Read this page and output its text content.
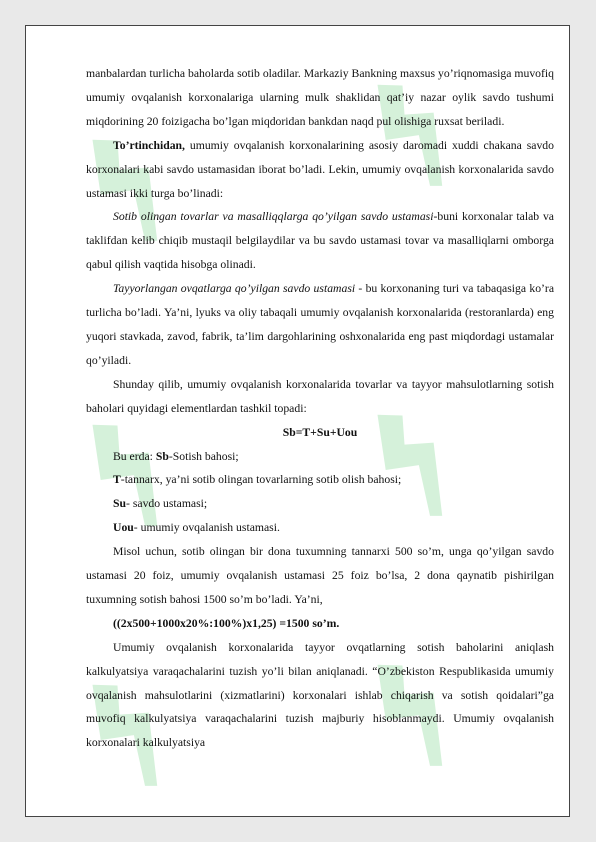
manbalardan turlicha baholarda sotib oladilar. Markaziy Bankning maxsus yo’riqnomasiga muvofiq umumiy ovqalanish korxonalariga ularning mulk shaklidan qat’iy nazar oylik savdo tushumi miqdorining 20 foizigacha bo’lgan miqdoridan bankdan naqd pul olishiga ruxsat beriladi.

To’rtinchidan, umumiy ovqalanish korxonalarining asosiy daromadi xuddi chakana savdo korxonalari kabi savdo ustamasidan iborat bo’ladi. Lekin, umumiy ovqalanish korxonalarida savdo ustamasi ikki turga bo’linadi:

Sotib olingan tovarlar va masalliqqlarga qo’yilgan savdo ustamasi-buni korxonalar talab va taklifdan kelib chiqib mustaqil belgilaydilar va bu savdo ustamasi tovar va masalliqlarni omborga qabul qilish vaqtida hisobga olinadi.

Tayyorlangan ovqatlarga qo’yilgan savdo ustamasi - bu korxonaning turi va tabaqasiga ko’ra turlicha bo’ladi. Ya’ni, lyuks va oliy tabaqali umumiy ovqalanish korxonalarida (restoranlarda) eng yuqori stavkada, zavod, fabrik, ta’lim dargohlarining oshxonalarida eng past miqdordagi ustamalar qo’yiladi.

Shunday qilib, umumiy ovqalanish korxonalarida tovarlar va tayyor mahsulotlarning sotish baholari quyidagi elementlardan tashkil topadi:

Sb=T+Su+Uou

Bu erda: Sb-Sotish bahosi;

T-tannarx, ya’ni sotib olingan tovarlarning sotib olish bahosi;

Su- savdo ustamasi;

Uou- umumiy ovqalanish ustamasi.

Misol uchun, sotib olingan bir dona tuxumning tannarxi 500 so’m, unga qo’yilgan savdo ustamasi 20 foiz, umumiy ovqalanish ustamasi 25 foiz bo’lsa, 2 dona qaynatib pishirilgan tuxumning sotish bahosi 1500 so’m bo’ladi. Ya’ni,

((2x500+1000x20%:100%)x1,25) =1500 so’m.

Umumiy ovqalanish korxonalarida tayyor ovqatlarning sotish baholarini aniqlash kalkulyatsiya varaqachalarini tuzish yo’li bilan aniqlanadi. “O’zbekiston Respublikasida umumiy ovqalanish mahsulotlarini (xizmatlarini) korxonalari ishlab chiqarish va sotish qoidalari”ga muvofiq kalkulyatsiya varaqachalarini tuzish majburiy hisoblanmaydi. Umumiy ovqalanish korxonalari kalkulyatsiya
